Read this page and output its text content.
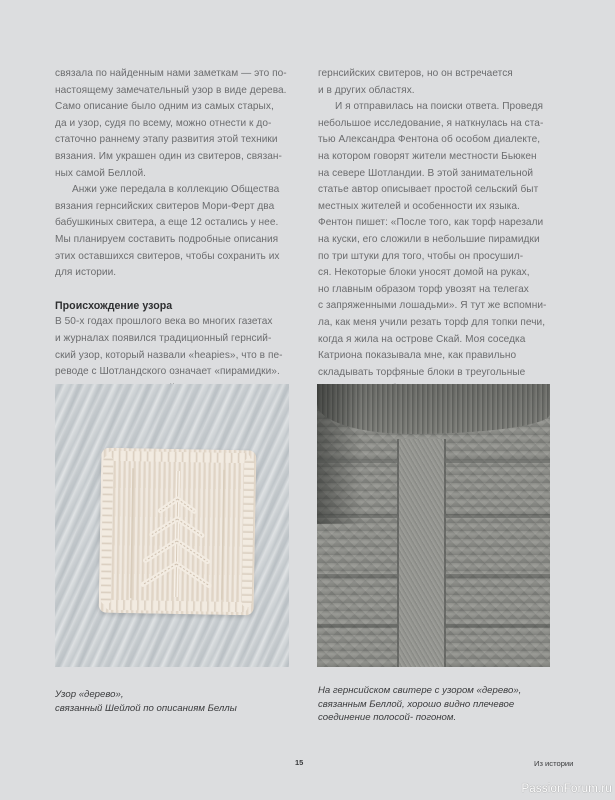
связала по найденным нами заметкам — это по-
настоящему замечательный узор в виде дерева.
Само описание было одним из самых старых,
да и узор, судя по всему, можно отнести к до-
статочно раннему этапу развития этой техники
вязания. Им украшен один из свитеров, связан-
ных самой Беллой.

Анжи уже передала в коллекцию Общества
вязания гернсийских свитеров Мори-Ферт два
бабушкиных свитера, а еще 12 остались у нее.
Мы планируем составить подробные описания
этих оставшихся свитеров, чтобы сохранить их
для истории.

Происхождение узора

В 50-х годах прошлого века во многих газетах
и журналах появился традиционный гернсий-
ский узор, который назвали «heapies», что в пе-
реводе с Шотландского означает «пирамидки».

гернсийских свитеров, но он встречается
и в других областях.

И я отправилась на поиски ответа. Проведя
небольшое исследование, я наткнулась на ста-
тью Александра Фентона об особом диалекте,
на котором говорят жители местности Бьюкен
на севере Шотландии. В этой занимательной
статье автор описывает простой сельский быт
местных жителей и особенности их языка.
Фентон пишет: «После того, как торф нарезали
на куски, его сложили в небольшие пирамидки
по три штуки для того, чтобы он просушил-
ся. Некоторые блоки уносят домой на руках,
но главным образом торф увозят на телегах
с запряженными лошадьми». Я тут же вспомни-
ла, как меня учили резать торф для топки печи,
когда я жила на острове Скай. Моя соседка
Катриона показывала мне, как правильно
складывать торфяные блоки в треугольные

Узор «дерево»,
связанный Шейлой по описаниям Беллы
На гернсийском свитере с узором «дерево»,
связанным Беллой, хорошо видно плечевое
соединение полосой- погоном.
15	Из истории
PassionForum.ru
